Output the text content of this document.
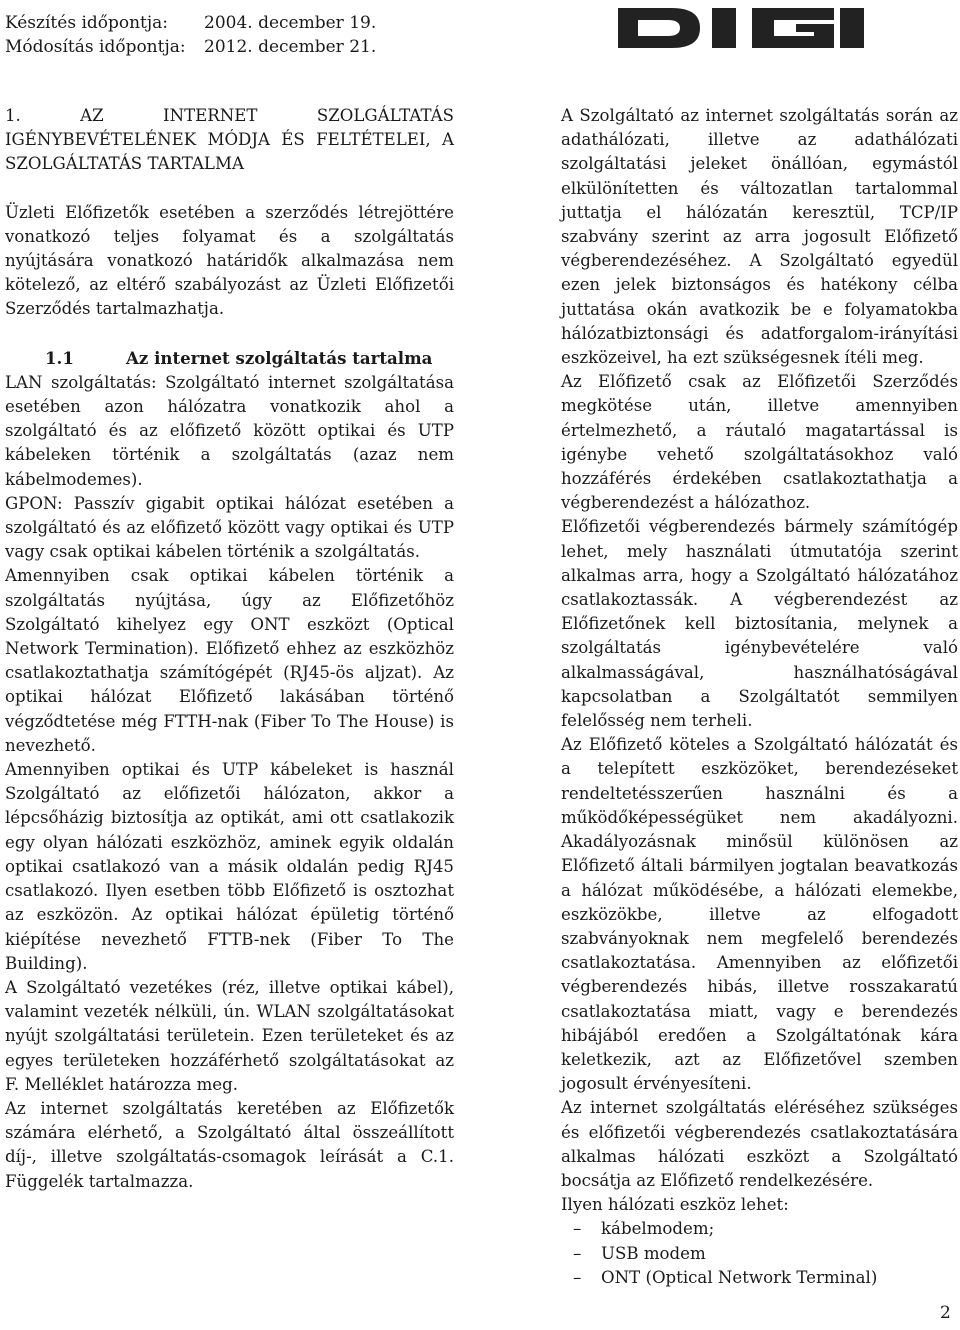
Készítés időpontja: 2004. december 19.
Módosítás időpontja: 2012. december 21.

1. AZ INTERNET SZOLGÁLTATÁS IGÉNYBEVÉTELÉNEK MÓDJA ÉS FELTÉTELEI, A SZOLGÁLTATÁS TARTALMA

Üzleti Előfizetők esetében a szerződés létrejöttére vonatkozó teljes folyamat és a szolgáltatás nyújtására vonatkozó határidők alkalmazása nem kötelező, az eltérő szabályozást az Üzleti Előfizetői Szerződés tartalmazhatja.

1.1	Az internet szolgáltatás tartalma

LAN szolgáltatás: Szolgáltató internet szolgáltatása esetében azon hálózatra vonatkozik ahol a szolgáltató és az előfizető között optikai és UTP kábeleken történik a szolgáltatás (azaz nem kábelmodemes).

GPON: Passzív gigabit optikai hálózat esetében a szolgáltató és az előfizető között vagy optikai és UTP vagy csak optikai kábelen történik a szolgáltatás.

Amennyiben csak optikai kábelen történik a szolgáltatás nyújtása, úgy az Előfizetőhöz Szolgáltató kihelyez egy ONT eszközt (Optical Network Termination). Előfizető ehhez az eszközhöz csatlakoztathatja számítógépét (RJ45-ös aljzat). Az optikai hálózat Előfizető lakásában történő végződtetése még FTTH-nak (Fiber To The House) is nevezhető.

Amennyiben optikai és UTP kábeleket is használ Szolgáltató az előfizetői hálózaton, akkor a lépcsőházig biztosítja az optikát, ami ott csatlakozik egy olyan hálózati eszközhöz, aminek egyik oldalán optikai csatlakozó van a másik oldalán pedig RJ45 csatlakozó. Ilyen esetben több Előfizető is osztozhat az eszközön. Az optikai hálózat épületig történő kiépítése nevezhető FTTB-nek (Fiber To The Building).

A Szolgáltató vezetékes (réz, illetve optikai kábel), valamint vezeték nélküli, ún. WLAN szolgáltatásokat nyújt szolgáltatási területein. Ezen területeket és az egyes területeken hozzáférhető szolgáltatásokat az F. Melléklet határozza meg.

Az internet szolgáltatás keretében az Előfizetők számára elérhető, a Szolgáltató által összeállított díj-, illetve szolgáltatás-csomagok leírását a C.1. Függelék tartalmazza.

A Szolgáltató az internet szolgáltatás során az adathálózati, illetve az adathálózati szolgáltatási jeleket önállóan, egymástól elkülönítetten és változatlan tartalommal juttatja el hálózatán keresztül, TCP/IP szabvány szerint az arra jogosult Előfizető végberendezéséhez. A Szolgáltató egyedül ezen jelek biztonságos és hatékony célba juttatása okán avatkozik be e folyamatokba hálózatbiztonsági és adatforgalom-irányítási eszközeivel, ha ezt szükségesnek ítéli meg.

Az Előfizető csak az Előfizetői Szerződés megkötése után, illetve amennyiben értelmezhető, a ráutaló magatartással is igénybe vehető szolgáltatásokhoz való hozzáférés érdekében csatlakoztathatja a végberendezést a hálózathoz.

Előfizetői végberendezés bármely számítógép lehet, mely használati útmutatója szerint alkalmas arra, hogy a Szolgáltató hálózatához csatlakoztassák. A végberendezést az Előfizetőnek kell biztosítania, melynek a szolgáltatás igénybevételére való alkalmasságával, használhatóságával kapcsolatban a Szolgáltatót semmilyen felelősség nem terheli.

Az Előfizető köteles a Szolgáltató hálózatát és a telepített eszközöket, berendezéseket rendeltetésszerűen használni és a működőképességüket nem akadályozni. Akadályozásnak minősül különösen az Előfizető általi bármilyen jogtalan beavatkozás a hálózat működésébe, a hálózati elemekbe, eszközökbe, illetve az elfogadott szabványoknak nem megfelelő berendezés csatlakoztatása. Amennyiben az előfizetői végberendezés hibás, illetve rosszakaratú csatlakoztatása miatt, vagy e berendezés hibájából eredően a Szolgáltatónak kára keletkezik, azt az Előfizetővel szemben jogosult érvényesíteni.

Az internet szolgáltatás eléréséhez szükséges és előfizetői végberendezés csatlakoztatására alkalmas hálózati eszközt a Szolgáltató bocsátja az Előfizető rendelkezésére.

Ilyen hálózati eszköz lehet:

– kábelmodem;
– USB modem
– ONT (Optical Network Terminal)
2
